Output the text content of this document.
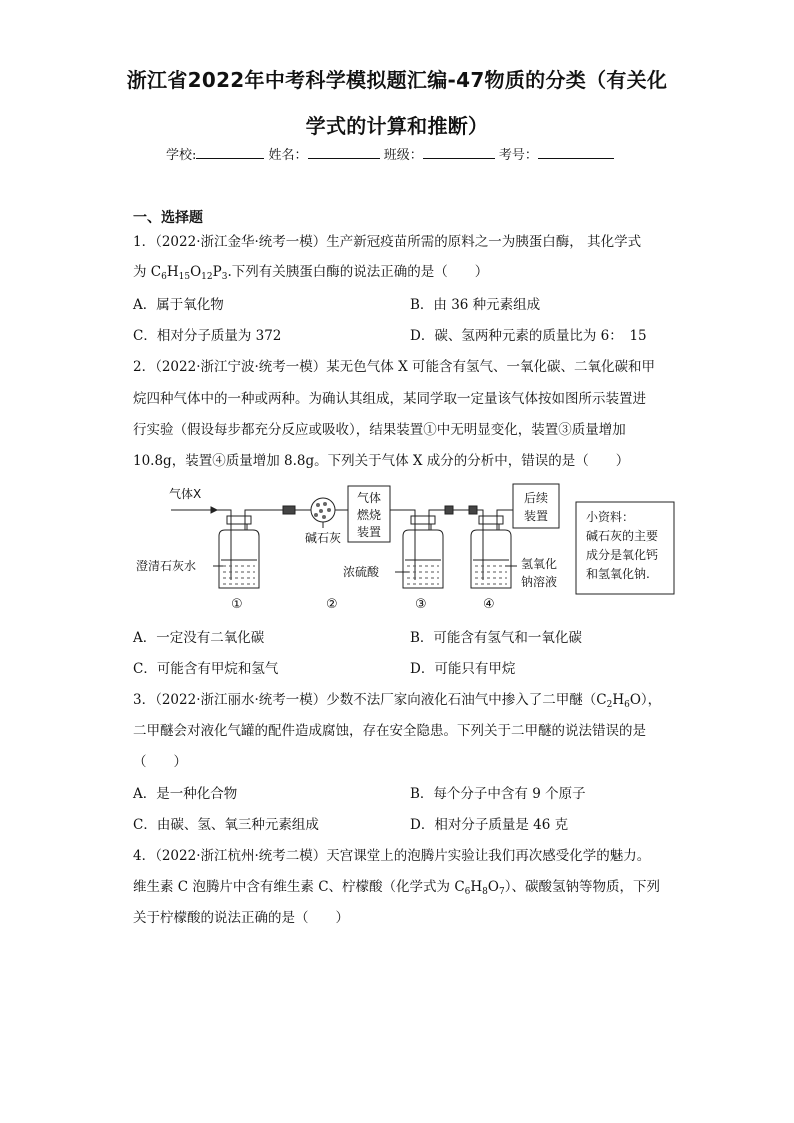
浙江省2022年中考科学模拟题汇编-47物质的分类（有关化
学式的计算和推断）
学校:	姓名：	班级：	考号：
一、选择题
1．（2022·浙江金华·统考一模）生产新冠疫苗所需的原料之一为胰蛋白酶， 其化学式
为 $C_6H_{15}O_{12}P_3$.下列有关胰蛋白酶的说法正确的是（　　）
A．属于氧化物	B．由 36 种元素组成
C．相对分子质量为 372	D．碳、氢两种元素的质量比为 6：　15
2．（2022·浙江宁波·统考一模）某无色气体 X 可能含有氢气、一氧化碳、二氧化碳和甲
烷四种气体中的一种或两种。为确认其组成，某同学取一定量该气体按如图所示装置进
行实验（假设每步都充分反应或吸收），结果装置①中无明显变化，装置③质量增加
10.8g，装置④质量增加 8.8g。下列关于气体 X 成分的分析中，错误的是（　　）
气体X
澄清石灰水
①
碱石灰
②
气体
燃烧
装置
浓硫酸
③	④
氢氧化
钠溶液
后续
装置	小资料：
碱石灰的主要
成分是氧化钙
和氢氧化钠.
A．一定没有二氧化碳	B．可能含有氢气和一氧化碳
C．可能含有甲烷和氢气	D．可能只有甲烷
3．（2022·浙江丽水·统考一模）少数不法厂家向液化石油气中掺入了二甲醚$(C_2H_6O)$，
二甲醚会对液化气罐的配件造成腐蚀，存在安全隐患。下列关于二甲醚的说法错误的是
（　　）
A．是一种化合物	B．每个分子中含有 9 个原子
C．由碳、氢、氧三种元素组成	D．相对分子质量是 46 克
4．（2022·浙江杭州·统考二模）天宫课堂上的泡腾片实验让我们再次感受化学的魅力。
维生素 C 泡腾片中含有维生素 C、柠檬酸（化学式为 $C_6H_8O_7$）、碳酸氢钠等物质，下列
关于柠檬酸的说法正确的是（　　）
